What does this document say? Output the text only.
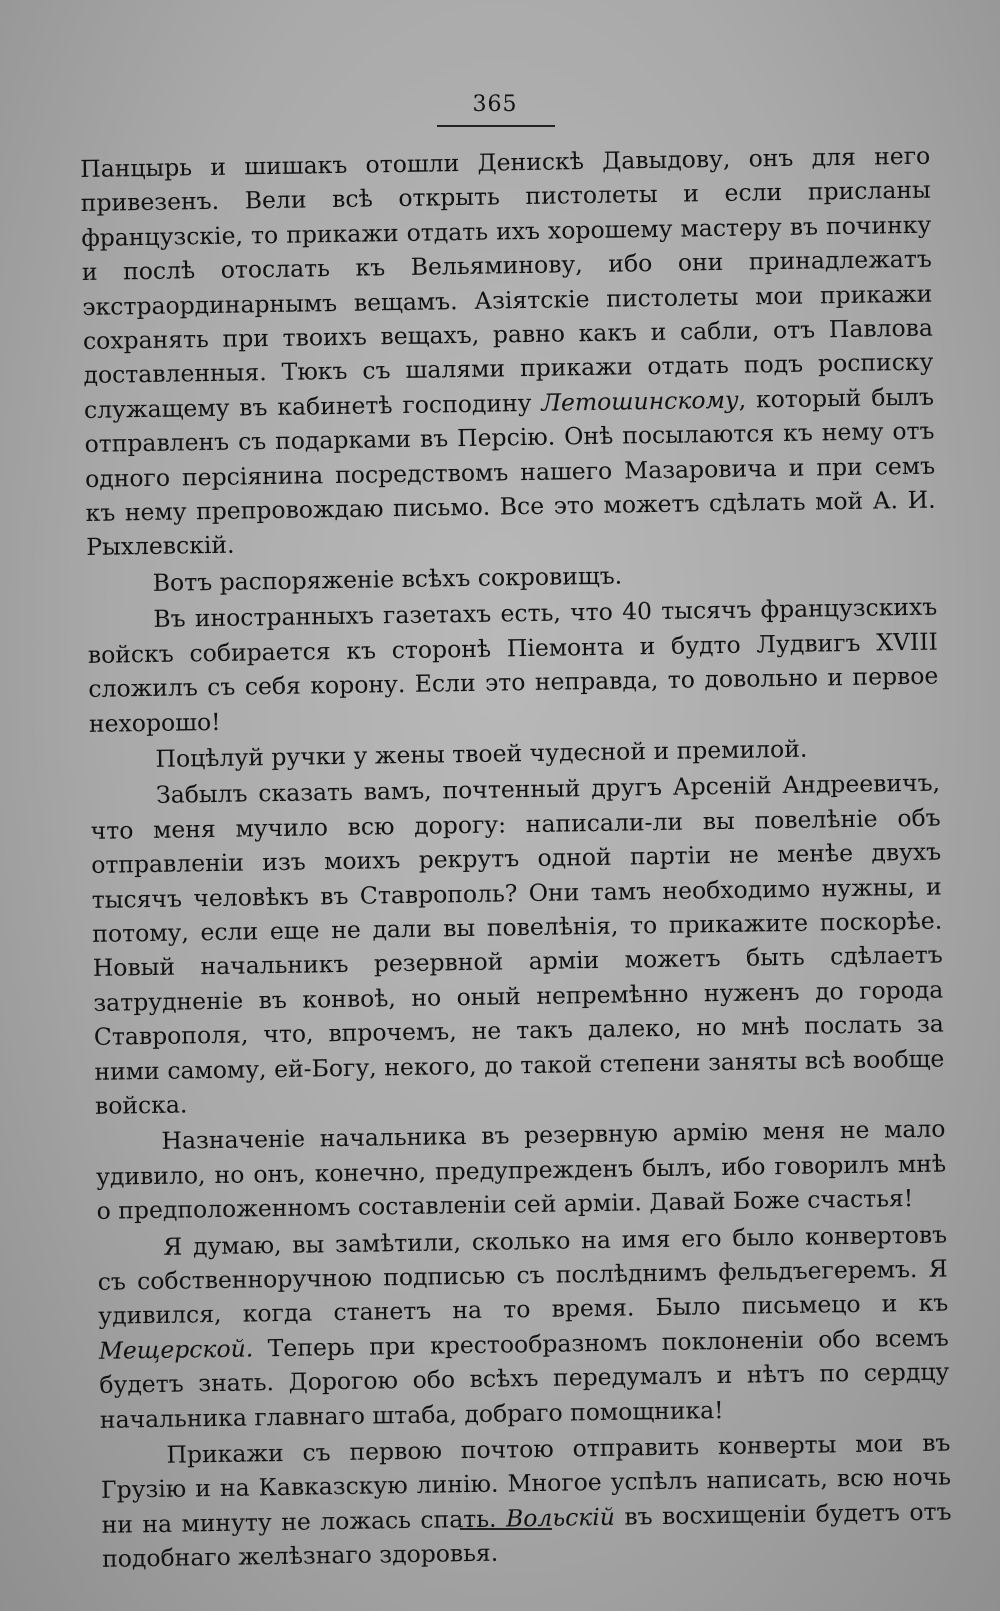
365

Панцырь и шишакъ отошли Денискѣ Давыдову, онъ для него привезенъ. Вели всѣ открыть пистолеты и если присланы французскiе, то прикажи отдать ихъ хорошему мастеру въ починку и послѣ отослать къ Вельяминову, ибо они принадлежатъ экстраординарнымъ вещамъ. Азiятскiе пистолеты мои прикажи сохранять при твоихъ вещахъ, равно какъ и сабли, отъ Павлова доставленныя. Тюкъ съ шалями прикажи отдать подъ росписку служащему въ кабинетѣ господину Летошинскому, который былъ отправленъ съ подарками въ Персiю. Онѣ посылаются къ нему отъ одного персiянина посредствомъ нашего Мазаровича и при семъ къ нему препровождаю письмо. Все это можетъ сдѣлать мой А. И. Рыхлевскiй.

Вотъ распоряженiе всѣхъ сокровищъ.

Въ иностранныхъ газетахъ есть, что 40 тысячъ французскихъ войскъ собирается къ сторонѣ Пiемонта и будто Лудвигъ XVIII сложилъ съ себя корону. Если это неправда, то довольно и первое нехорошо!

Поцѣлуй ручки у жены твоей чудесной и премилой.

Забылъ сказать вамъ, почтенный другъ Арсенiй Андреевичъ, что меня мучило всю дорогу: написали-ли вы повелѣнiе объ отправленiи изъ моихъ рекрутъ одной партiи не менѣе двухъ тысячъ человѣкъ въ Ставрополь? Они тамъ необходимо нужны, и потому, если еще не дали вы повелѣнiя, то прикажите поскорѣе. Новый начальникъ резервной армiи можетъ быть сдѣлаетъ затрудненiе въ конвоѣ, но оный непремѣнно нуженъ до города Ставрополя, что, впрочемъ, не такъ далеко, но мнѣ послать за ними самому, ей-Богу, некого, до такой степени заняты всѣ вообще войска.

Назначенiе начальника въ резервную армiю меня не мало удивило, но онъ, конечно, предупрежденъ былъ, ибо говорилъ мнѣ о предположенномъ составленiи сей армiи. Давай Боже счастья!

Я думаю, вы замѣтили, сколько на имя его было конвертовъ съ собственноручною подписью съ послѣднимъ фельдъегеремъ. Я удивился, когда станетъ на то время. Было письмецо и къ Мещерской. Теперь при крестообразномъ поклоненiи обо всемъ будетъ знать. Дорогою обо всѣхъ передумалъ и нѣтъ по сердцу начальника главнаго штаба, добраго помощника!

Прикажи съ первою почтою отправить конверты мои въ Грузiю и на Кавказскую линiю. Многое успѣлъ написать, всю ночь ни на минуту не ложась спать. Вольскiй въ восхищенiи будетъ отъ подобнаго желѣзнаго здоровья.
